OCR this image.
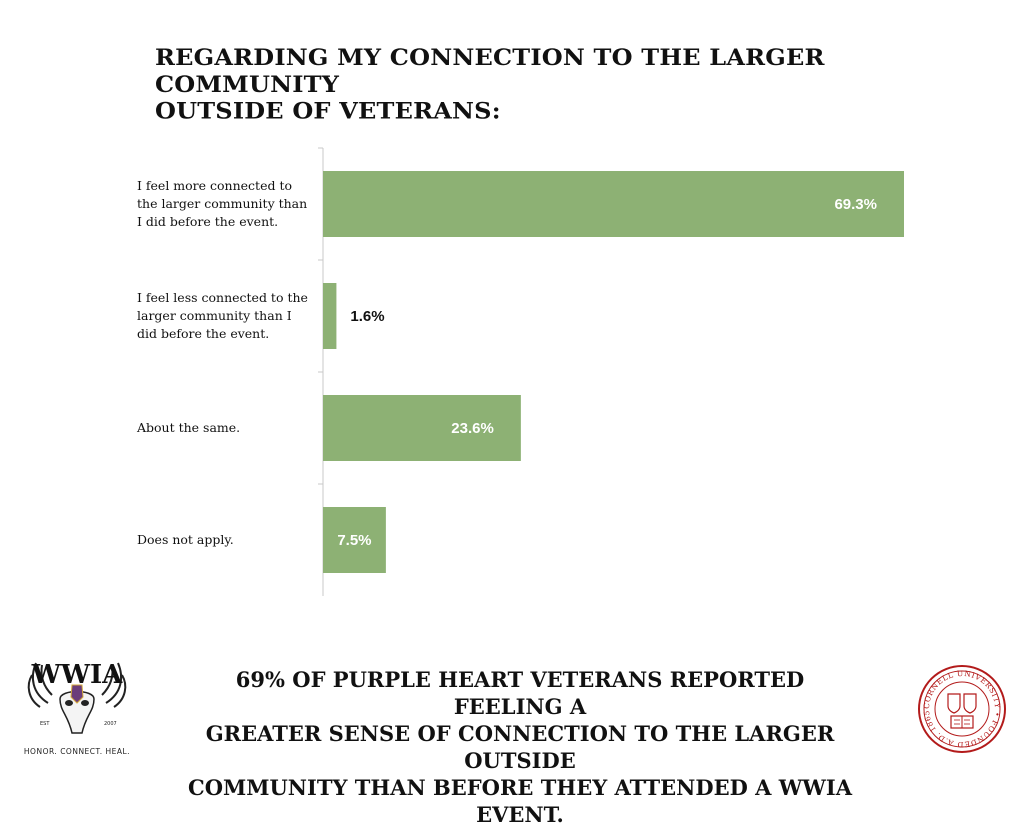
REGARDING MY CONNECTION TO THE LARGER COMMUNITY
OUTSIDE OF VETERANS:
69.3%
1.6%
23.6%
7.5%
I feel more connected to the larger community than I did before the event.
I feel less connected to the larger community than I did before the event.
About the same.
Does not apply.
69% OF PURPLE HEART VETERANS REPORTED FEELING A
GREATER SENSE OF CONNECTION TO THE LARGER OUTSIDE
COMMUNITY THAN BEFORE THEY ATTENDED A WWIA EVENT.
WWIA
EST	2007
HONOR. CONNECT. HEAL.
CORNELL UNIVERSITY • FOUNDED A.D. 1865
